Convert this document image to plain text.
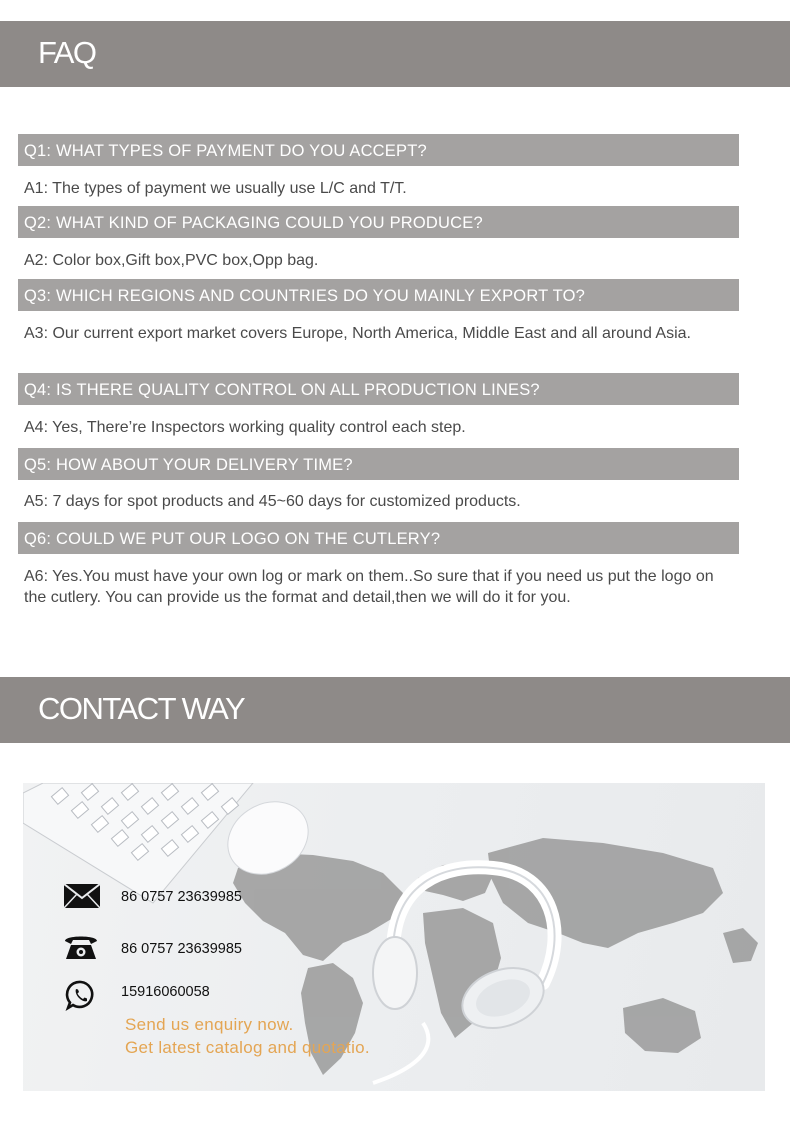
FAQ
Q1: WHAT TYPES OF PAYMENT DO YOU ACCEPT?

A1: The types of payment we usually use L/C and T/T.

Q2: WHAT KIND OF PACKAGING COULD YOU PRODUCE?

A2: Color box,Gift box,PVC box,Opp bag.

Q3: WHICH REGIONS AND COUNTRIES DO YOU MAINLY EXPORT TO?

A3: Our current export market covers Europe, North America, Middle East and all around Asia.

Q4: IS THERE QUALITY CONTROL ON ALL PRODUCTION LINES?

A4: Yes, There’re Inspectors working quality control each step.

Q5: HOW ABOUT YOUR DELIVERY TIME?

A5: 7 days for spot products and 45~60 days for customized products.

Q6: COULD WE PUT OUR LOGO ON THE CUTLERY?

A6: Yes.You must have your own log or mark on them..So sure that if you need us put the logo on the cutlery. You can provide us the format and detail,then we will do it for you.

CONTACT WAY
86 0757 23639985
86 0757 23639985
15916060058
Send us enquiry now.
Get latest catalog and quotatio.
